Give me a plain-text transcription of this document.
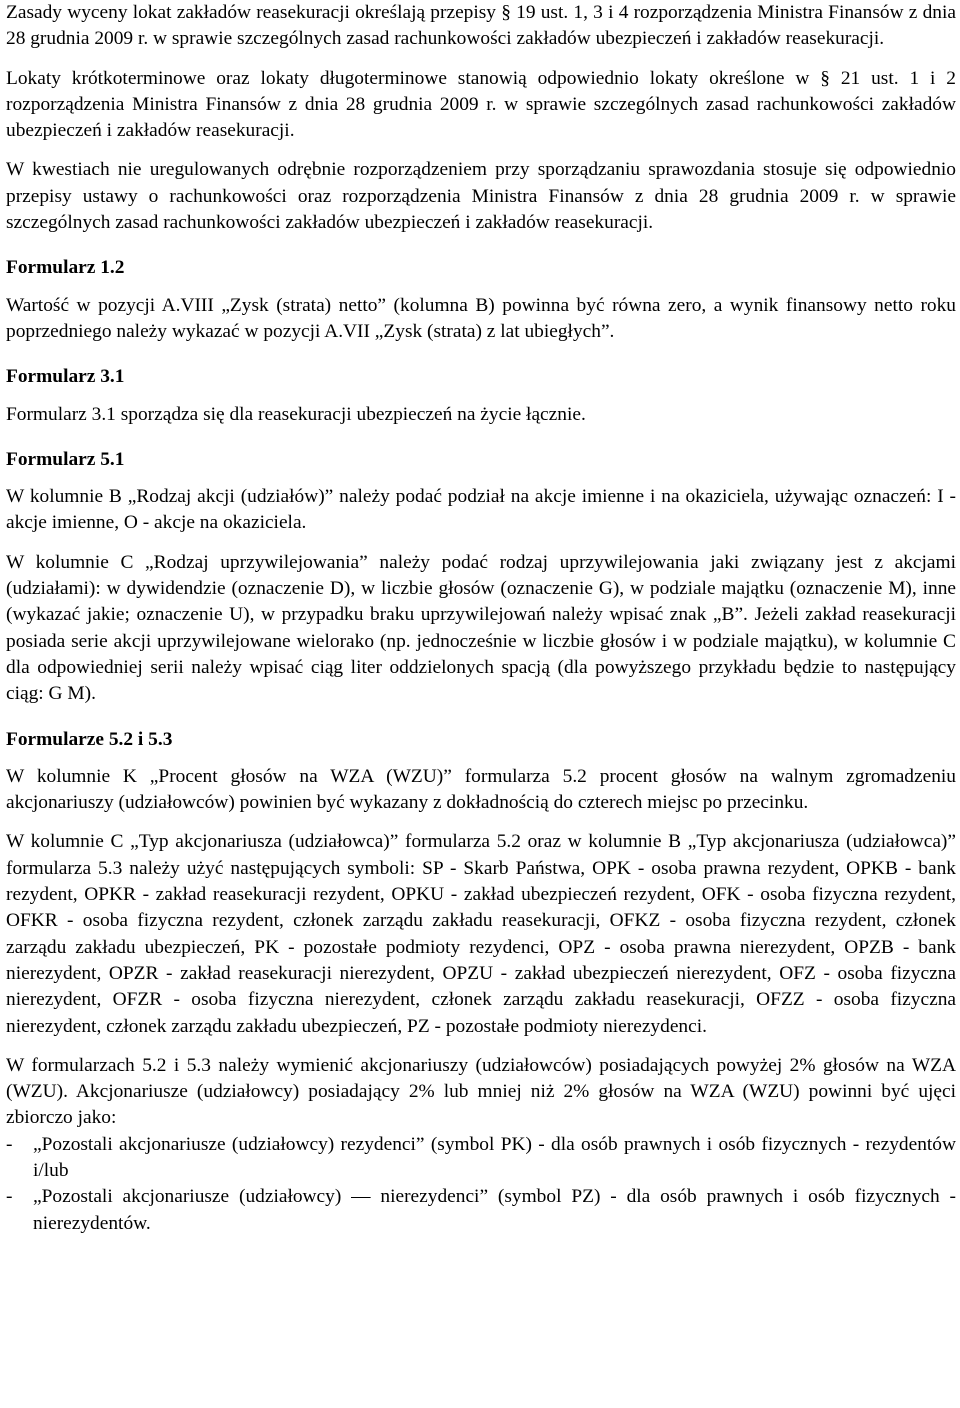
Zasady wyceny lokat zakładów reasekuracji określają przepisy § 19 ust. 1, 3 i 4 rozporządzenia Ministra Finansów z dnia 28 grudnia 2009 r. w sprawie szczególnych zasad rachunkowości zakładów ubezpieczeń i zakładów reasekuracji.

Lokaty krótkoterminowe oraz lokaty długoterminowe stanowią odpowiednio lokaty określone w § 21 ust. 1 i 2 rozporządzenia Ministra Finansów z dnia 28 grudnia 2009 r. w sprawie szczególnych zasad rachunkowości zakładów ubezpieczeń i zakładów reasekuracji.

W kwestiach nie uregulowanych odrębnie rozporządzeniem przy sporządzaniu sprawozdania stosuje się odpowiednio przepisy ustawy o rachunkowości oraz rozporządzenia Ministra Finansów z dnia 28 grudnia 2009 r. w sprawie szczególnych zasad rachunkowości zakładów ubezpieczeń i zakładów reasekuracji.

Formularz 1.2

Wartość w pozycji A.VIII „Zysk (strata) netto” (kolumna B) powinna być równa zero, a wynik finansowy netto roku poprzedniego należy wykazać w pozycji A.VII „Zysk (strata) z lat ubiegłych”.

Formularz 3.1

Formularz 3.1 sporządza się dla reasekuracji ubezpieczeń na życie łącznie.

Formularz 5.1

W kolumnie B „Rodzaj akcji (udziałów)” należy podać podział na akcje imienne i na okaziciela, używając oznaczeń: I - akcje imienne, O - akcje na okaziciela.

W kolumnie C „Rodzaj uprzywilejowania” należy podać rodzaj uprzywilejowania jaki związany jest z akcjami (udziałami): w dywidendzie (oznaczenie D), w liczbie głosów (oznaczenie G), w podziale majątku (oznaczenie M), inne (wykazać jakie; oznaczenie U), w przypadku braku uprzywilejowań należy wpisać znak „B”. Jeżeli zakład reasekuracji posiada serie akcji uprzywilejowane wielorako (np. jednocześnie w liczbie głosów i w podziale majątku), w kolumnie C dla odpowiedniej serii należy wpisać ciąg liter oddzielonych spacją (dla powyższego przykładu będzie to następujący ciąg: G M).

Formularze 5.2 i 5.3

W kolumnie K „Procent głosów na WZA (WZU)” formularza 5.2 procent głosów na walnym zgromadzeniu akcjonariuszy (udziałowców) powinien być wykazany z dokładnością do czterech miejsc po przecinku.

W kolumnie C „Typ akcjonariusza (udziałowca)” formularza 5.2 oraz w kolumnie B „Typ akcjonariusza (udziałowca)” formularza 5.3 należy użyć następujących symboli: SP - Skarb Państwa, OPK - osoba prawna rezydent, OPKB - bank rezydent, OPKR - zakład reasekuracji rezydent, OPKU - zakład ubezpieczeń rezydent, OFK - osoba fizyczna rezydent, OFKR - osoba fizyczna rezydent, członek zarządu zakładu reasekuracji, OFKZ - osoba fizyczna rezydent, członek zarządu zakładu ubezpieczeń, PK - pozostałe podmioty rezydenci, OPZ - osoba prawna nierezydent, OPZB - bank nierezydent, OPZR - zakład reasekuracji nierezydent, OPZU - zakład ubezpieczeń nierezydent, OFZ - osoba fizyczna nierezydent, OFZR - osoba fizyczna nierezydent, członek zarządu zakładu reasekuracji, OFZZ - osoba fizyczna nierezydent, członek zarządu zakładu ubezpieczeń, PZ - pozostałe podmioty nierezydenci.

W formularzach 5.2 i 5.3 należy wymienić akcjonariuszy (udziałowców) posiadających powyżej 2% głosów na WZA (WZU). Akcjonariusze (udziałowcy) posiadający 2% lub mniej niż 2% głosów na WZA (WZU) powinni być ujęci zbiorczo jako:

-	„Pozostali akcjonariusze (udziałowcy) rezydenci” (symbol PK) - dla osób prawnych i osób fizycznych - rezydentów i/lub
-	„Pozostali akcjonariusze (udziałowcy) — nierezydenci” (symbol PZ) - dla osób prawnych i osób fizycznych - nierezydentów.
